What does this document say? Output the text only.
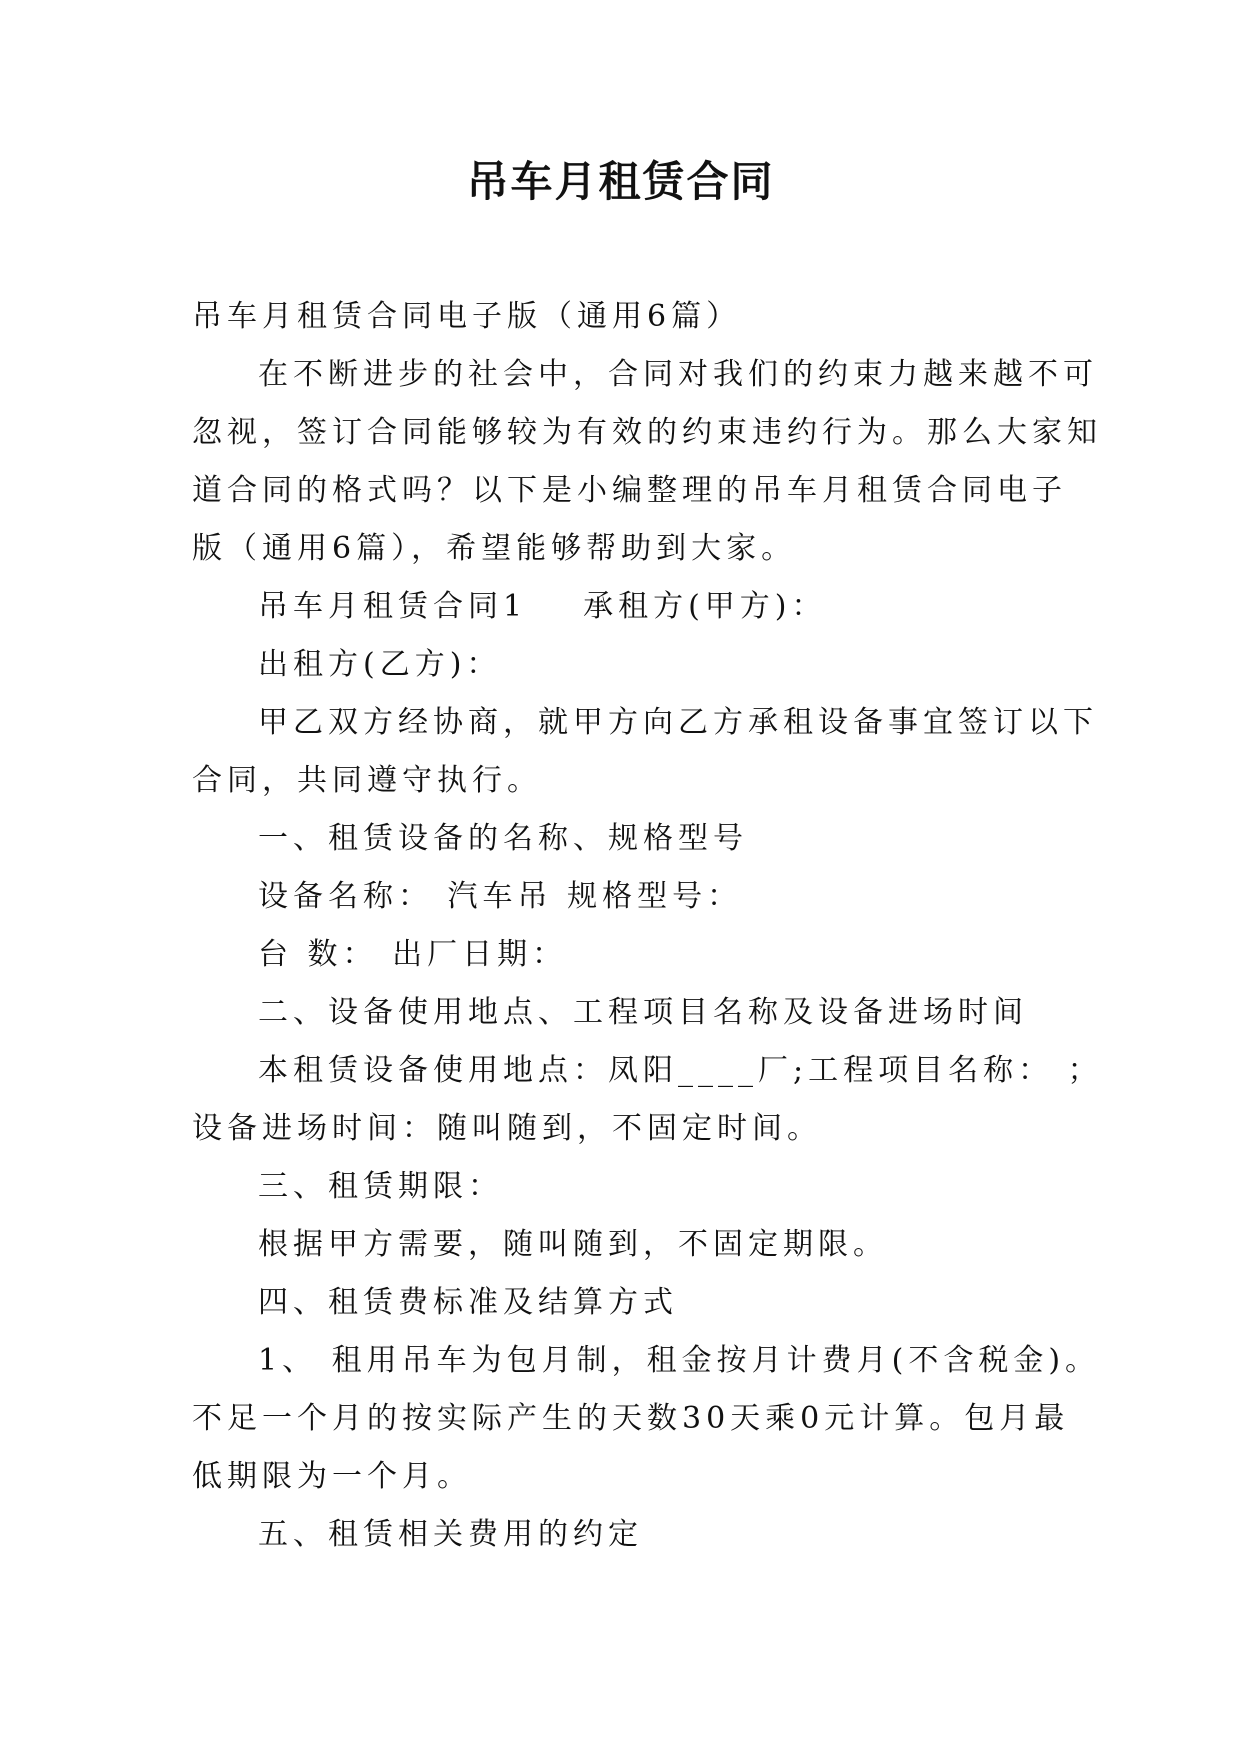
吊车月租赁合同

吊车月租赁合同电子版（通用6篇）

在不断进步的社会中，合同对我们的约束力越来越不可

忽视，签订合同能够较为有效的约束违约行为。那么大家知

道合同的格式吗？以下是小编整理的吊车月租赁合同电子

版（通用6篇），希望能够帮助到大家。

吊车月租赁合同1 承租方(甲方)：

出租方(乙方)：

甲乙双方经协商，就甲方向乙方承租设备事宜签订以下

合同，共同遵守执行。

一、租赁设备的名称、规格型号

设备名称： 汽车吊 规格型号：

台 数： 出厂日期：

二、设备使用地点、工程项目名称及设备进场时间

本租赁设备使用地点：凤阳____厂;工程项目名称： ；

设备进场时间：随叫随到，不固定时间。

三、租赁期限：

根据甲方需要，随叫随到，不固定期限。

四、租赁费标准及结算方式

1、 租用吊车为包月制，租金按月计费月(不含税金)。

不足一个月的按实际产生的天数30天乘0元计算。包月最

低期限为一个月。

五、租赁相关费用的约定
